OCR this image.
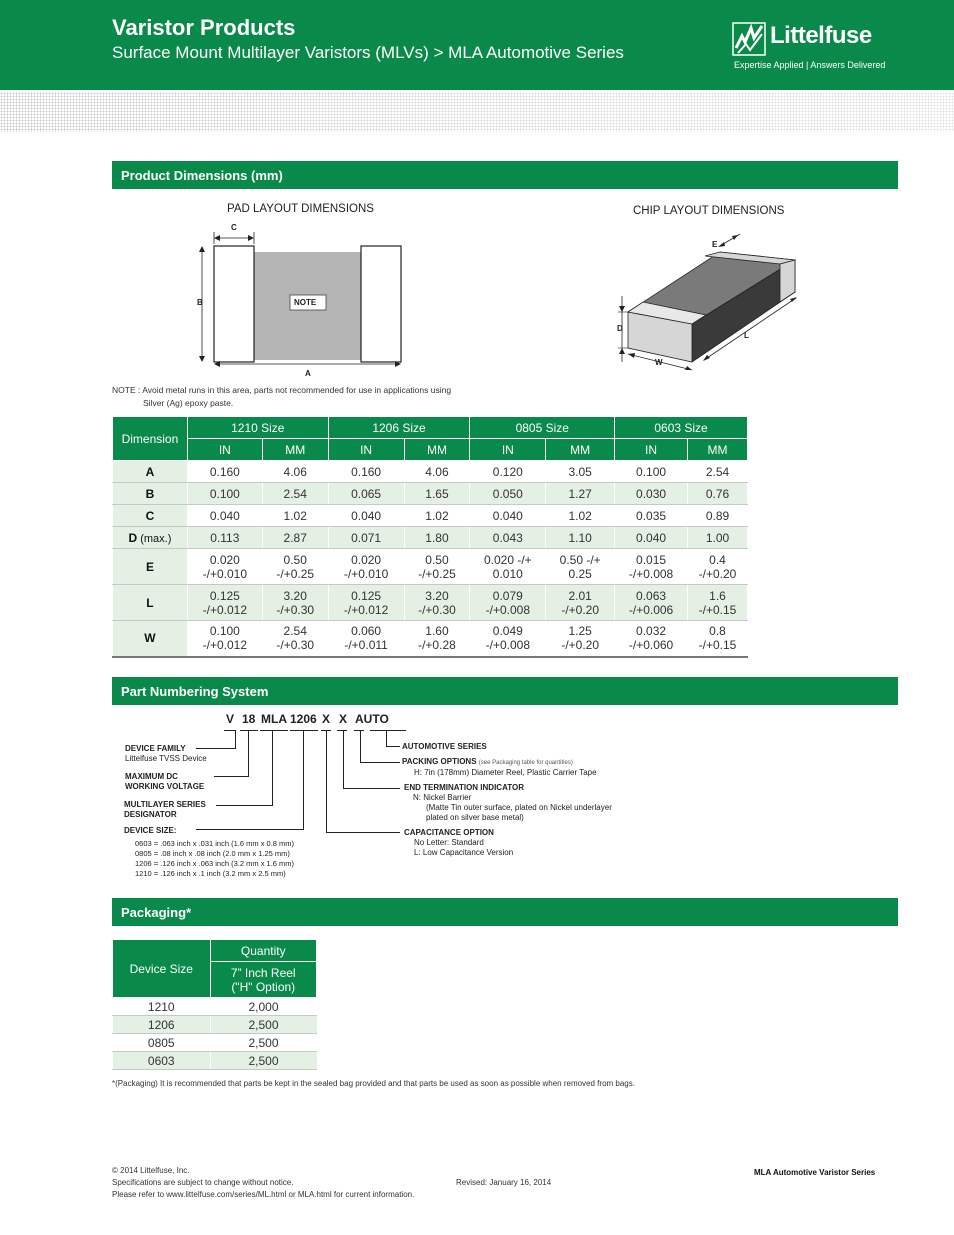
Varistor Products
Surface Mount Multilayer Varistors (MLVs) > MLA Automotive Series
Littelfuse
Expertise Applied | Answers Delivered
Product Dimensions (mm)
PAD LAYOUT DIMENSIONS
C
B
A
NOTE
CHIP LAYOUT DIMENSIONS
E
D
L
W
NOTE : Avoid metal runs in this area, parts not recommended for use in applications using
Silver (Ag) epoxy paste.
Dimension	1210 Size		1206 Size		0805 Size		0603 Size	
	IN	MM	IN	MM	IN	MM	IN	MM
A	0.160	4.06	0.160	4.06	0.120	3.05	0.100	2.54
B	0.100	2.54	0.065	1.65	0.050	1.27	0.030	0.76
C	0.040	1.02	0.040	1.02	0.040	1.02	0.035	0.89
D (max.)	0.113	2.87	0.071	1.80	0.043	1.10	0.040	1.00
E	0.020 -/+0.010	0.50 -/+0.25	0.020 -/+0.010	0.50 -/+0.25	0.020 -/+ 0.010	0.50 -/+ 0.25	0.015 -/+0.008	0.4 -/+0.20
L	0.125 -/+0.012	3.20 -/+0.30	0.125 -/+0.012	3.20 -/+0.30	0.079 -/+0.008	2.01 -/+0.20	0.063 -/+0.006	1.6 -/+0.15
W	0.100 -/+0.012	2.54 -/+0.30	0.060 -/+0.011	1.60 -/+0.28	0.049 -/+0.008	1.25 -/+0.20	0.032 -/+0.060	0.8 -/+0.15
Part Numbering System
V 18 MLA 1206 X X AUTO
DEVICE FAMILY
Littelfuse TVSS Device
MAXIMUM DC
WORKING VOLTAGE
MULTILAYER SERIES
DESIGNATOR
DEVICE SIZE:
0603 = .063 inch x .031 inch (1.6 mm x 0.8 mm)
0805 = .08 inch x .08 inch (2.0 mm x 1.25 mm)
1206 = .126 inch x .063 inch (3.2 mm x 1.6 mm)
1210 = .126 inch x .1 inch (3.2 mm x 2.5 mm)
AUTOMOTIVE SERIES
PACKING OPTIONS (see Packaging table for quantities)
H: 7in (178mm) Diameter Reel, Plastic Carrier Tape
END TERMINATION INDICATOR
N: Nickel Barrier
(Matte Tin outer surface, plated on Nickel underlayer
plated on silver base metal)
CAPACITANCE OPTION
No Letter: Standard
L: Low Capacitance Version
Packaging*
Device Size	Quantity

	7” Inch Reel
("H" Option)

1210	2,000
1206	2,500
0805	2,500
0603	2,500
*(Packaging) It is recommended that parts be kept in the sealed bag provided and that parts be used as soon as possible when removed from bags.
© 2014 Littelfuse, Inc.
Specifications are subject to change without notice.
Please refer to www.littelfuse.com/series/ML.html or MLA.html for current information.
Revised: January 16, 2014
MLA Automotive Varistor Series
